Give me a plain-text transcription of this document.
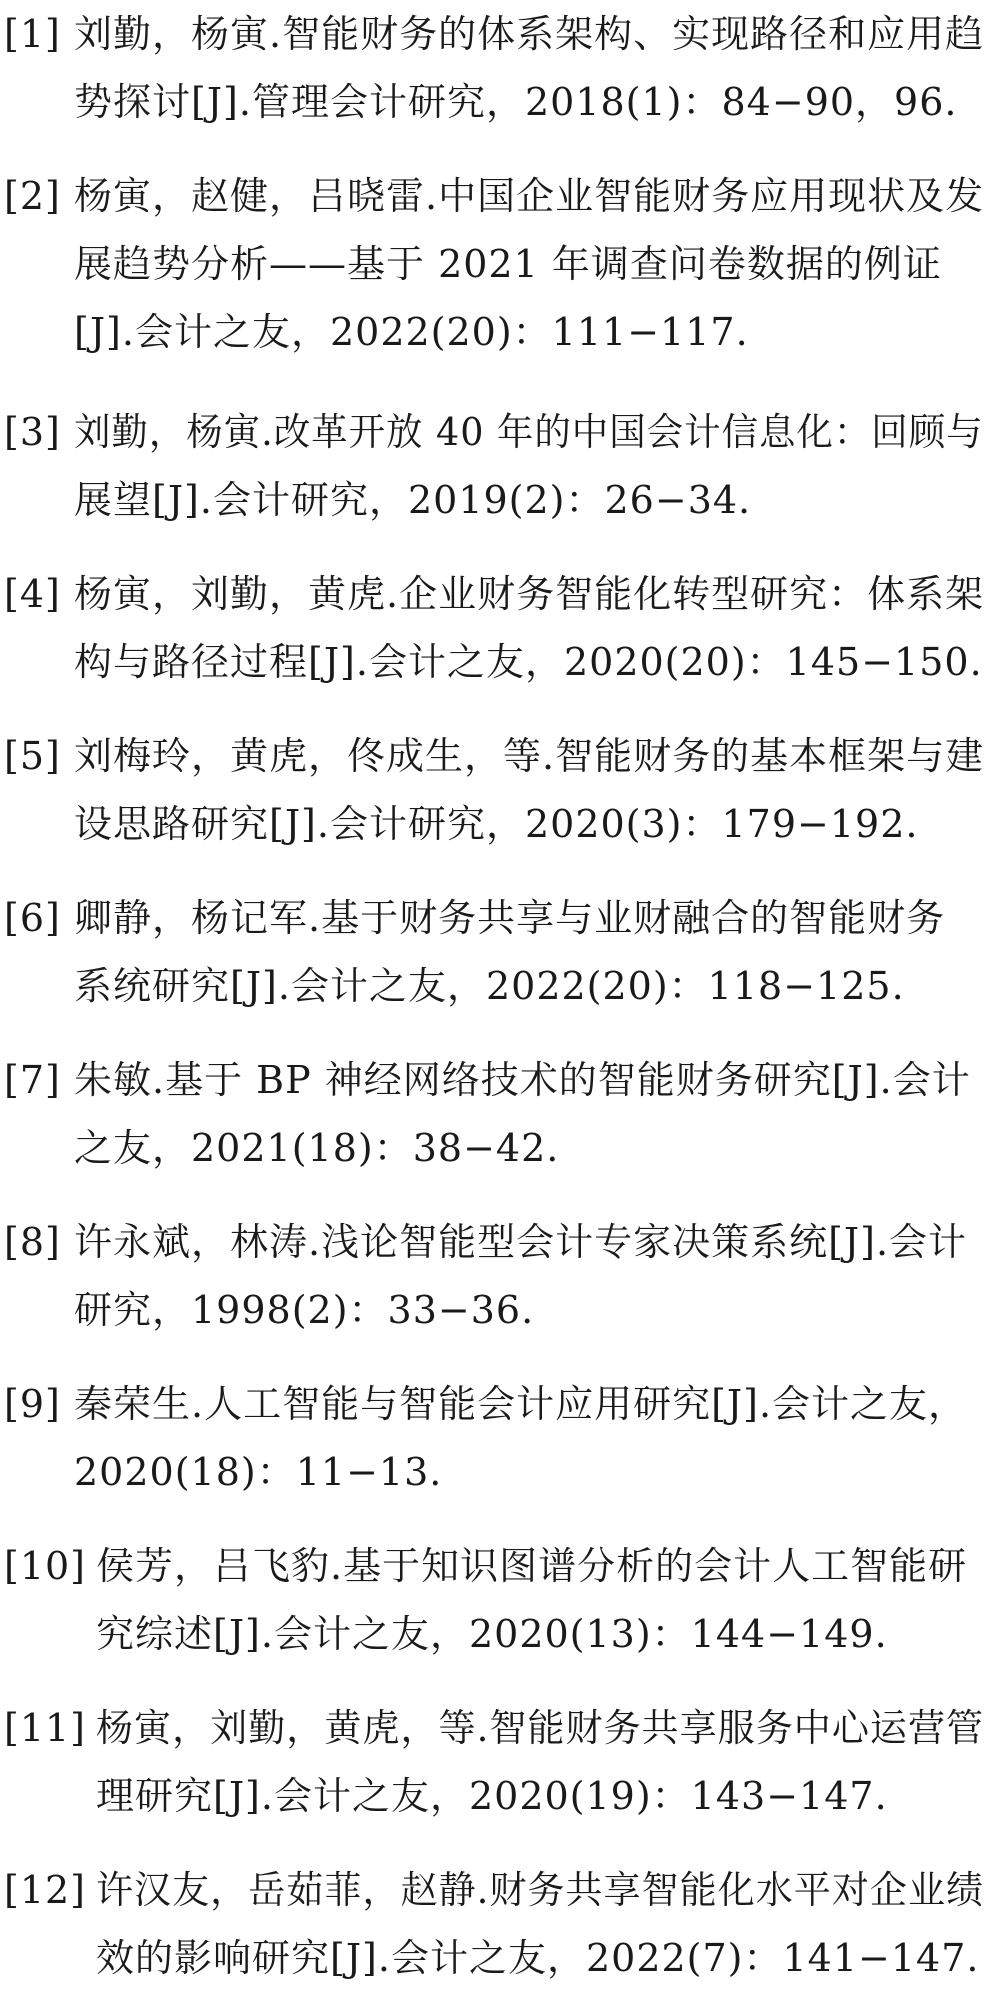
[1] 刘勤，杨寅.智能财务的体系架构、实现路径和应用趋
势探讨[J].管理会计研究，2018(1)：84−90，96.
[2] 杨寅，赵健，吕晓雷.中国企业智能财务应用现状及发
展趋势分析——基于 2021 年调查问卷数据的例证
[J].会计之友，2022(20)：111−117.
[3] 刘勤，杨寅.改革开放 40 年的中国会计信息化：回顾与
展望[J].会计研究，2019(2)：26−34.
[4] 杨寅，刘勤，黄虎.企业财务智能化转型研究：体系架
构与路径过程[J].会计之友，2020(20)：145−150.
[5] 刘梅玲，黄虎，佟成生，等.智能财务的基本框架与建
设思路研究[J].会计研究，2020(3)：179−192.
[6] 卿静，杨记军.基于财务共享与业财融合的智能财务
系统研究[J].会计之友，2022(20)：118−125.
[7] 朱敏.基于 BP 神经网络技术的智能财务研究[J].会计
之友，2021(18)：38−42.
[8] 许永斌，林涛.浅论智能型会计专家决策系统[J].会计
研究，1998(2)：33−36.
[9] 秦荣生.人工智能与智能会计应用研究[J].会计之友，
2020(18)：11−13.
[10] 侯芳，吕飞豹.基于知识图谱分析的会计人工智能研
究综述[J].会计之友，2020(13)：144−149.
[11] 杨寅，刘勤，黄虎，等.智能财务共享服务中心运营管
理研究[J].会计之友，2020(19)：143−147.
[12] 许汉友，岳茹菲，赵静.财务共享智能化水平对企业绩
效的影响研究[J].会计之友，2022(7)：141−147.
